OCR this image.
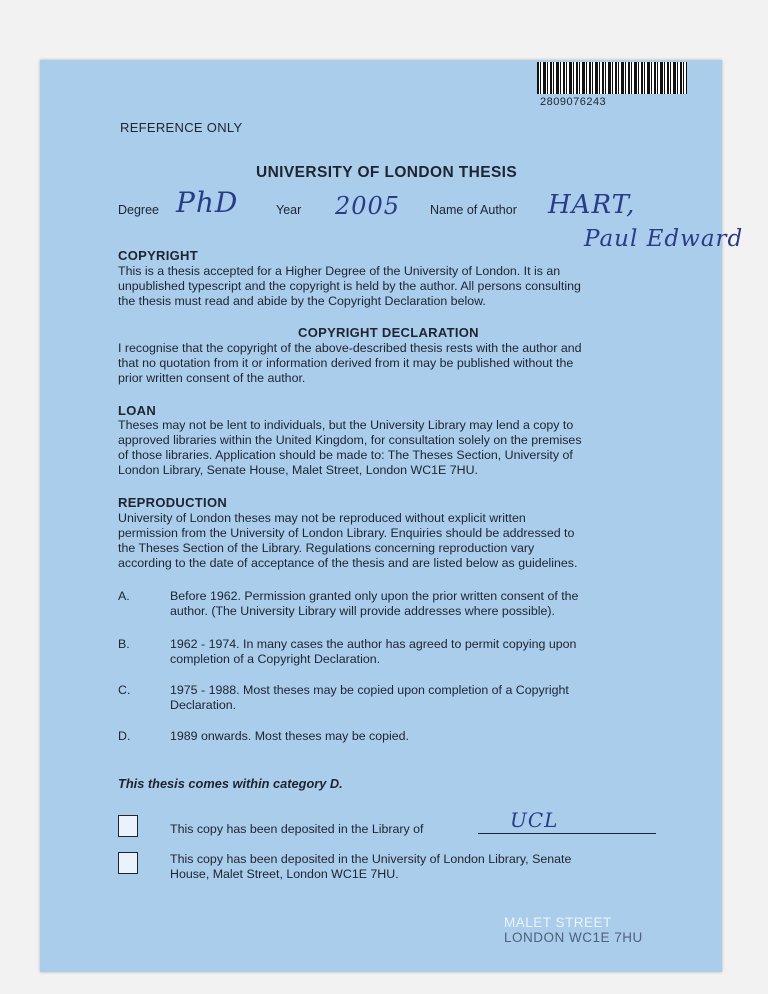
2809076243
REFERENCE ONLY
UNIVERSITY OF LONDON THESIS
Degree PhD	Year 2005 Name of Author HART,
Paul Edward
COPYRIGHT
This is a thesis accepted for a Higher Degree of the University of London. It is an
unpublished typescript and the copyright is held by the author. All persons consulting
the thesis must read and abide by the Copyright Declaration below.
COPYRIGHT DECLARATION
I recognise that the copyright of the above-described thesis rests with the author and
that no quotation from it or information derived from it may be published without the
prior written consent of the author.
LOAN
Theses may not be lent to individuals, but the University Library may lend a copy to
approved libraries within the United Kingdom, for consultation solely on the premises
of those libraries. Application should be made to: The Theses Section, University of
London Library, Senate House, Malet Street, London WC1E 7HU.
REPRODUCTION
University of London theses may not be reproduced without explicit written
permission from the University of London Library. Enquiries should be addressed to
the Theses Section of the Library. Regulations concerning reproduction vary
according to the date of acceptance of the thesis and are listed below as guidelines.
A.	Before 1962. Permission granted only upon the prior written consent of the
author. (The University Library will provide addresses where possible).
B.	1962 - 1974. In many cases the author has agreed to permit copying upon
completion of a Copyright Declaration.
C.	1975 - 1988. Most theses may be copied upon completion of a Copyright
Declaration.
D.	1989 onwards. Most theses may be copied.
This thesis comes within category D.
This copy has been deposited in the Library of	UCL
This copy has been deposited in the University of London Library, Senate
House, Malet Street, London WC1E 7HU.
MALET STREET
LONDON WC1E 7HU
